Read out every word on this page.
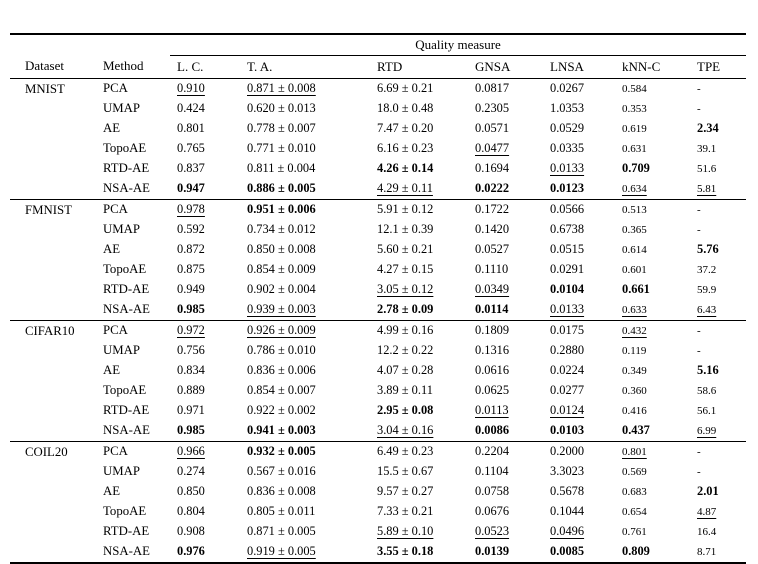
		Quality measure						
Dataset	Method	L. C.	T. A.	RTD	GNSA	LNSA	kNN-C	TPE
MNIST	PCA	0.910	0.871 ± 0.008	6.69 ± 0.21	0.0817	0.0267	0.584	-
	UMAP	0.424	0.620 ± 0.013	18.0 ± 0.48	0.2305	1.0353	0.353	-
	AE	0.801	0.778 ± 0.007	7.47 ± 0.20	0.0571	0.0529	0.619	2.34
	TopoAE	0.765	0.771 ± 0.010	6.16 ± 0.23	0.0477	0.0335	0.631	39.1
	RTD-AE	0.837	0.811 ± 0.004	4.26 ± 0.14	0.1694	0.0133	0.709	51.6
	NSA-AE	0.947	0.886 ± 0.005	4.29 ± 0.11	0.0222	0.0123	0.634	5.81
FMNIST	PCA	0.978	0.951 ± 0.006	5.91 ± 0.12	0.1722	0.0566	0.513	-
	UMAP	0.592	0.734 ± 0.012	12.1 ± 0.39	0.1420	0.6738	0.365	-
	AE	0.872	0.850 ± 0.008	5.60 ± 0.21	0.0527	0.0515	0.614	5.76
	TopoAE	0.875	0.854 ± 0.009	4.27 ± 0.15	0.1110	0.0291	0.601	37.2
	RTD-AE	0.949	0.902 ± 0.004	3.05 ± 0.12	0.0349	0.0104	0.661	59.9
	NSA-AE	0.985	0.939 ± 0.003	2.78 ± 0.09	0.0114	0.0133	0.633	6.43
CIFAR10	PCA	0.972	0.926 ± 0.009	4.99 ± 0.16	0.1809	0.0175	0.432	-
	UMAP	0.756	0.786 ± 0.010	12.2 ± 0.22	0.1316	0.2880	0.119	-
	AE	0.834	0.836 ± 0.006	4.07 ± 0.28	0.0616	0.0224	0.349	5.16
	TopoAE	0.889	0.854 ± 0.007	3.89 ± 0.11	0.0625	0.0277	0.360	58.6
	RTD-AE	0.971	0.922 ± 0.002	2.95 ± 0.08	0.0113	0.0124	0.416	56.1
	NSA-AE	0.985	0.941 ± 0.003	3.04 ± 0.16	0.0086	0.0103	0.437	6.99
COIL20	PCA	0.966	0.932 ± 0.005	6.49 ± 0.23	0.2204	0.2000	0.801	-
	UMAP	0.274	0.567 ± 0.016	15.5 ± 0.67	0.1104	3.3023	0.569	-
	AE	0.850	0.836 ± 0.008	9.57 ± 0.27	0.0758	0.5678	0.683	2.01
	TopoAE	0.804	0.805 ± 0.011	7.33 ± 0.21	0.0676	0.1044	0.654	4.87
	RTD-AE	0.908	0.871 ± 0.005	5.89 ± 0.10	0.0523	0.0496	0.761	16.4
	NSA-AE	0.976	0.919 ± 0.005	3.55 ± 0.18	0.0139	0.0085	0.809	8.71
